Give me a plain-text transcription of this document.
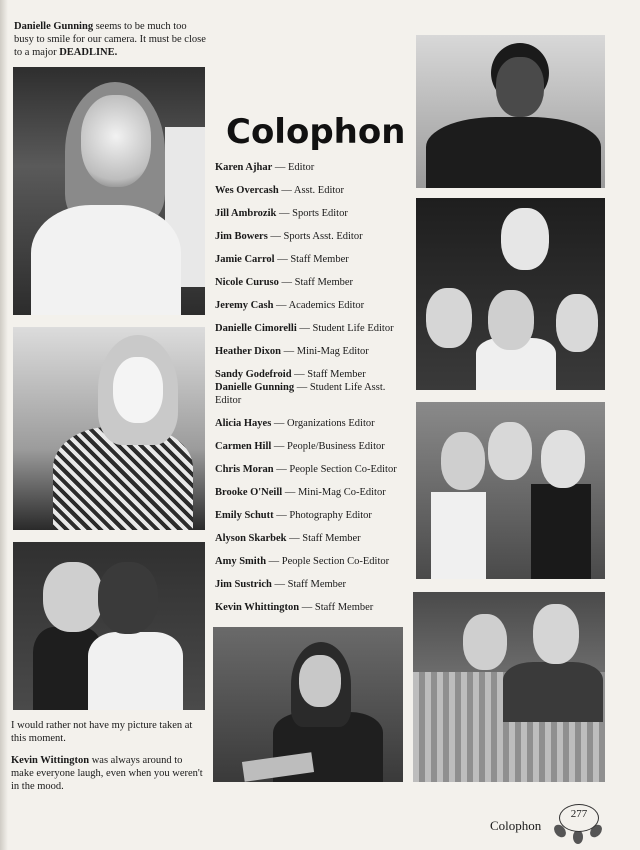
Danielle Gunning seems to be much too busy to smile for our camera. It must be close to a major DEADLINE.
Colophon
Karen Ajhar — Editor
Wes Overcash — Asst. Editor
Jill Ambrozik — Sports Editor
Jim Bowers — Sports Asst. Editor
Jamie Carrol — Staff Member
Nicole Curuso — Staff Member
Jeremy Cash — Academics Editor
Danielle Cimorelli — Student Life Editor
Heather Dixon — Mini-Mag Editor
Sandy Godefroid — Staff Member
Danielle Gunning — Student Life Asst. Editor
Alicia Hayes — Organizations Editor
Carmen Hill — People/Business Editor
Chris Moran — People Section Co-Editor
Brooke O'Neill — Mini-Mag Co-Editor
Emily Schutt — Photography Editor
Alyson Skarbek — Staff Member
Amy Smith — People Section Co-Editor
Jim Sustrich — Staff Member
Kevin Whittington — Staff Member
I would rather not have my picture taken at this moment.
Kevin Wittington was always around to make everyone laugh, even when you weren't in the mood.
Colophon
277
